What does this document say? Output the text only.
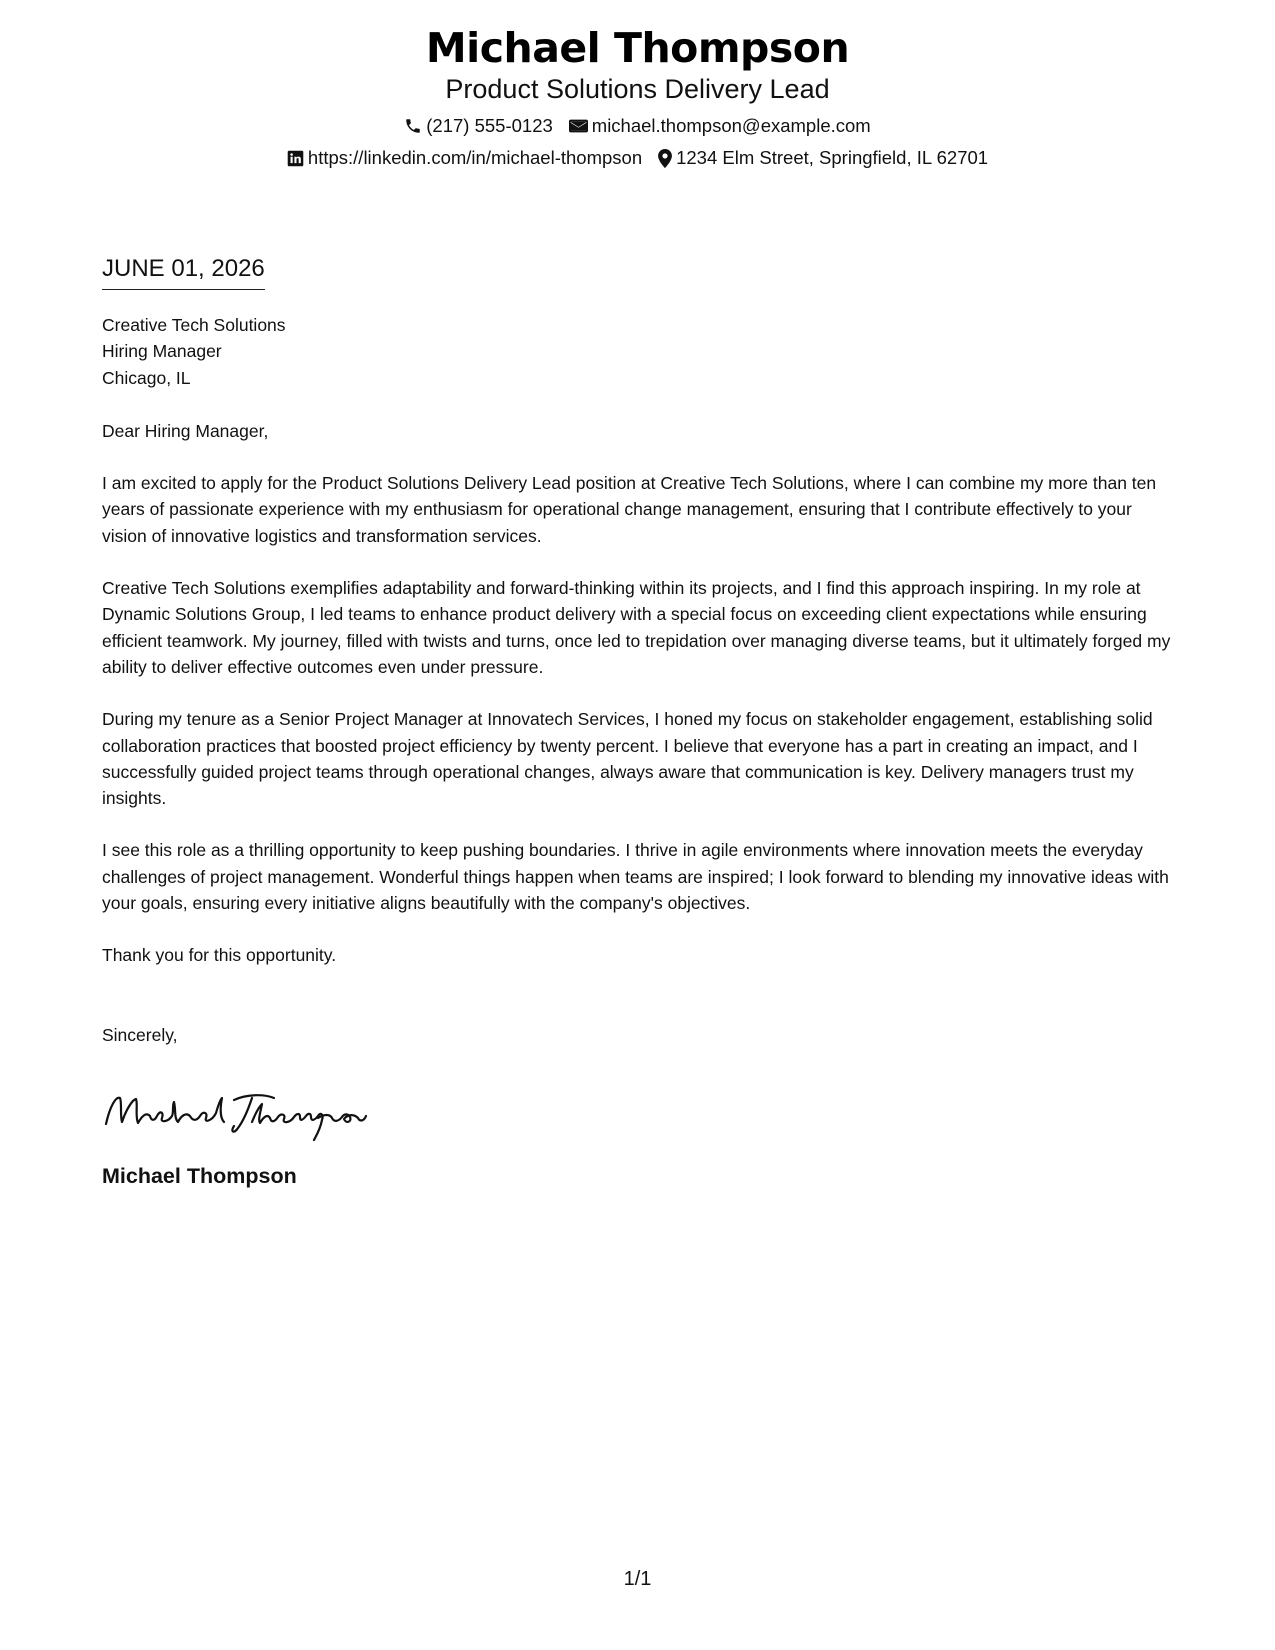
Michael Thompson
Product Solutions Delivery Lead
(217) 555-0123 michael.thompson@example.com
https://linkedin.com/in/michael-thompson 1234 Elm Street, Springfield, IL 62701
JUNE 01, 2026
Creative Tech Solutions
Hiring Manager
Chicago, IL
Dear Hiring Manager,

I am excited to apply for the Product Solutions Delivery Lead position at Creative Tech Solutions, where I can combine my more than ten years of passionate experience with my enthusiasm for operational change management, ensuring that I contribute effectively to your vision of innovative logistics and transformation services.

Creative Tech Solutions exemplifies adaptability and forward-thinking within its projects, and I find this approach inspiring. In my role at Dynamic Solutions Group, I led teams to enhance product delivery with a special focus on exceeding client expectations while ensuring efficient teamwork. My journey, filled with twists and turns, once led to trepidation over managing diverse teams, but it ultimately forged my ability to deliver effective outcomes even under pressure.

During my tenure as a Senior Project Manager at Innovatech Services, I honed my focus on stakeholder engagement, establishing solid collaboration practices that boosted project efficiency by twenty percent. I believe that everyone has a part in creating an impact, and I successfully guided project teams through operational changes, always aware that communication is key. Delivery managers trust my insights.

I see this role as a thrilling opportunity to keep pushing boundaries. I thrive in agile environments where innovation meets the everyday challenges of project management. Wonderful things happen when teams are inspired; I look forward to blending my innovative ideas with your goals, ensuring every initiative aligns beautifully with the company's objectives.

Thank you for this opportunity.

Sincerely,
Michael Thompson
1/1
